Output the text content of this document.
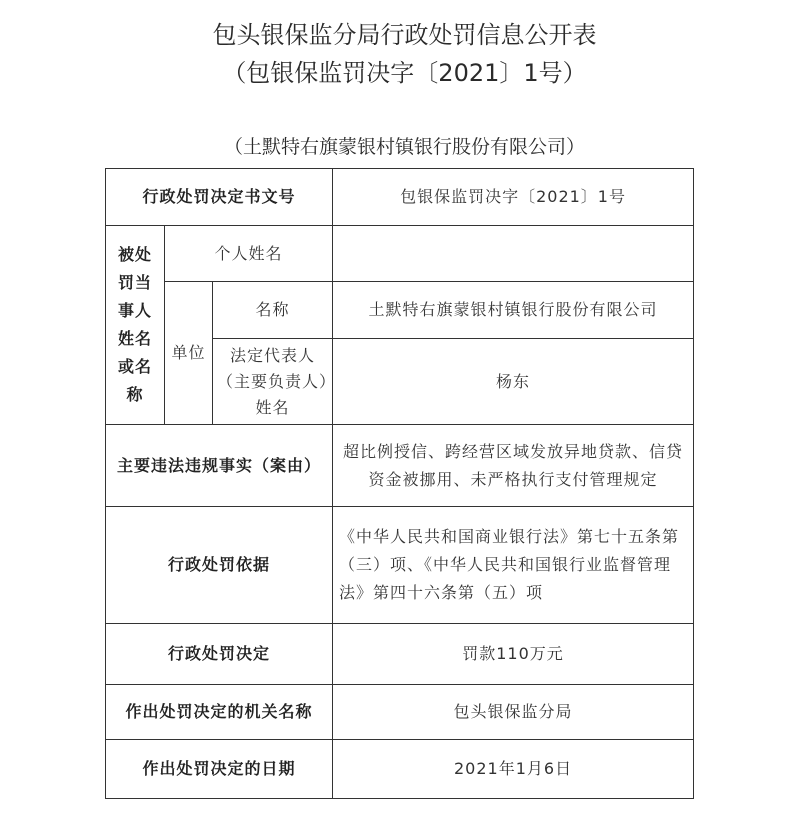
包头银保监分局行政处罚信息公开表
（包银保监罚决字〔2021〕1号）
（土默特右旗蒙银村镇银行股份有限公司）
行政处罚决定书文号			包银保监罚决字〔2021〕1号
被处罚当事人姓名或名称	个人姓名		
	单位	名称	土默特右旗蒙银村镇银行股份有限公司
		法定代表人（主要负责人）姓名	杨东
主要违法违规事实（案由）			超比例授信、跨经营区域发放异地贷款、信贷资金被挪用、未严格执行支付管理规定
行政处罚依据			《中华人民共和国商业银行法》第七十五条第（三）项、《中华人民共和国银行业监督管理法》第四十六条第（五）项
行政处罚决定			罚款110万元
作出处罚决定的机关名称			包头银保监分局
作出处罚决定的日期			2021年1月6日
